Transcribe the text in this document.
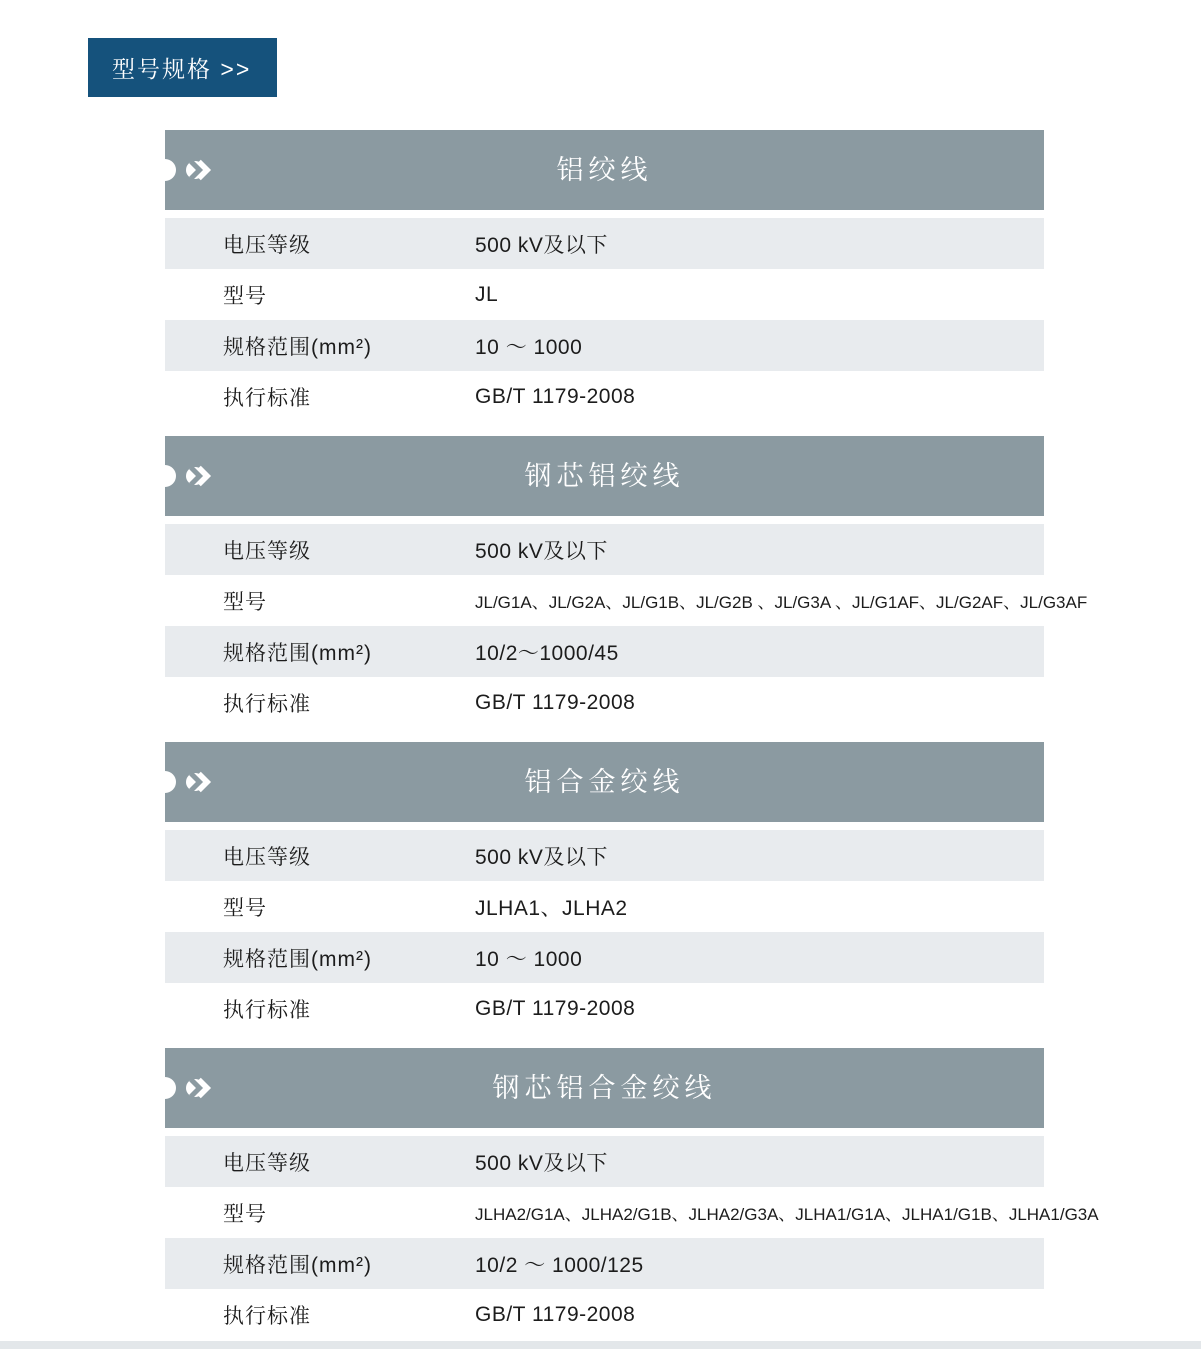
型号规格 >>
铝绞线
电压等级	500 kV及以下
型号	JL
规格范围(mm²)	10 ～ 1000
执行标准	GB/T 1179-2008
钢芯铝绞线
电压等级	500 kV及以下
型号	JL/G1A、JL/G2A、JL/G1B、JL/G2B 、JL/G3A 、JL/G1AF、JL/G2AF、JL/G3AF
规格范围(mm²)	10/2～1000/45
执行标准	GB/T 1179-2008
铝合金绞线
电压等级	500 kV及以下
型号	JLHA1、JLHA2
规格范围(mm²)	10 ～ 1000
执行标准	GB/T 1179-2008
钢芯铝合金绞线
电压等级	500 kV及以下
型号	JLHA2/G1A、JLHA2/G1B、JLHA2/G3A、JLHA1/G1A、JLHA1/G1B、JLHA1/G3A
规格范围(mm²)	10/2 ～ 1000/125
执行标准	GB/T 1179-2008
